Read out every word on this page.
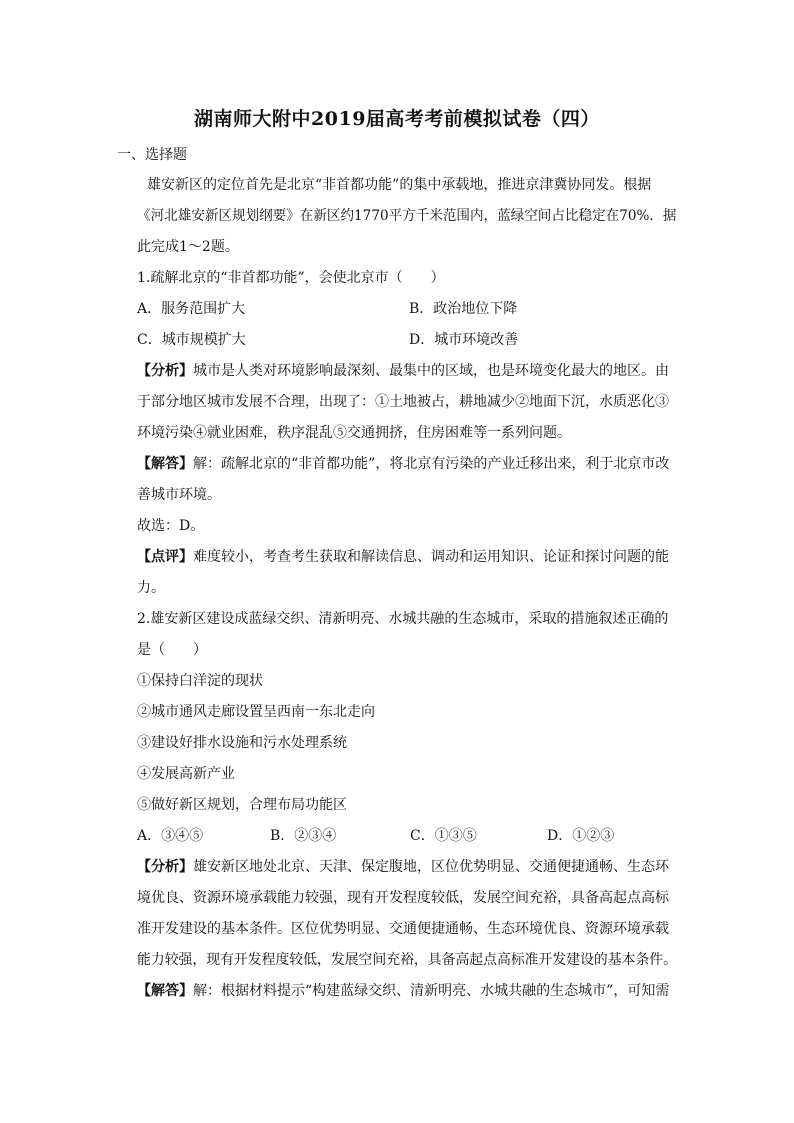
湖南师大附中2019届高考考前模拟试卷（四）
一、选择题
雄安新区的定位首先是北京“非首都功能”的集中承载地，推进京津冀协同发。根据
《河北雄安新区规划纲要》在新区约1770平方千米范围内，蓝绿空间占比稳定在70%．据
此完成1～2题。
1.疏解北京的“非首都功能”，会使北京市（　　）
A．服务范围扩大	B．政治地位下降
C．城市规模扩大	D．城市环境改善
【分析】城市是人类对环境影响最深刻、最集中的区域，也是环境变化最大的地区。由
于部分地区城市发展不合理，出现了：①土地被占，耕地减少②地面下沉，水质恶化③
环境污染④就业困难，秩序混乱⑤交通拥挤，住房困难等一系列问题。
【解答】解：疏解北京的“非首都功能”，将北京有污染的产业迁移出来，利于北京市改
善城市环境。
故选：D。
【点评】难度较小，考查考生获取和解读信息、调动和运用知识、论证和探讨问题的能
力。
2.雄安新区建设成蓝绿交织、清新明亮、水城共融的生态城市，采取的措施叙述正确的
是（　　）
①保持白洋淀的现状
②城市通风走廊设置呈西南一东北走向
③建设好排水设施和污水处理系统
④发展高新产业
⑤做好新区规划，合理布局功能区
A．③④⑤	B．②③④	C．①③⑤	D．①②③
【分析】雄安新区地处北京、天津、保定腹地，区位优势明显、交通便捷通畅、生态环
境优良、资源环境承载能力较强，现有开发程度较低，发展空间充裕，具备高起点高标
准开发建设的基本条件。区位优势明显、交通便捷通畅、生态环境优良、资源环境承载
能力较强，现有开发程度较低，发展空间充裕，具备高起点高标准开发建设的基本条件。
【解答】解：根据材料提示“构建蓝绿交织、清新明亮、水城共融的生态城市”，可知需
